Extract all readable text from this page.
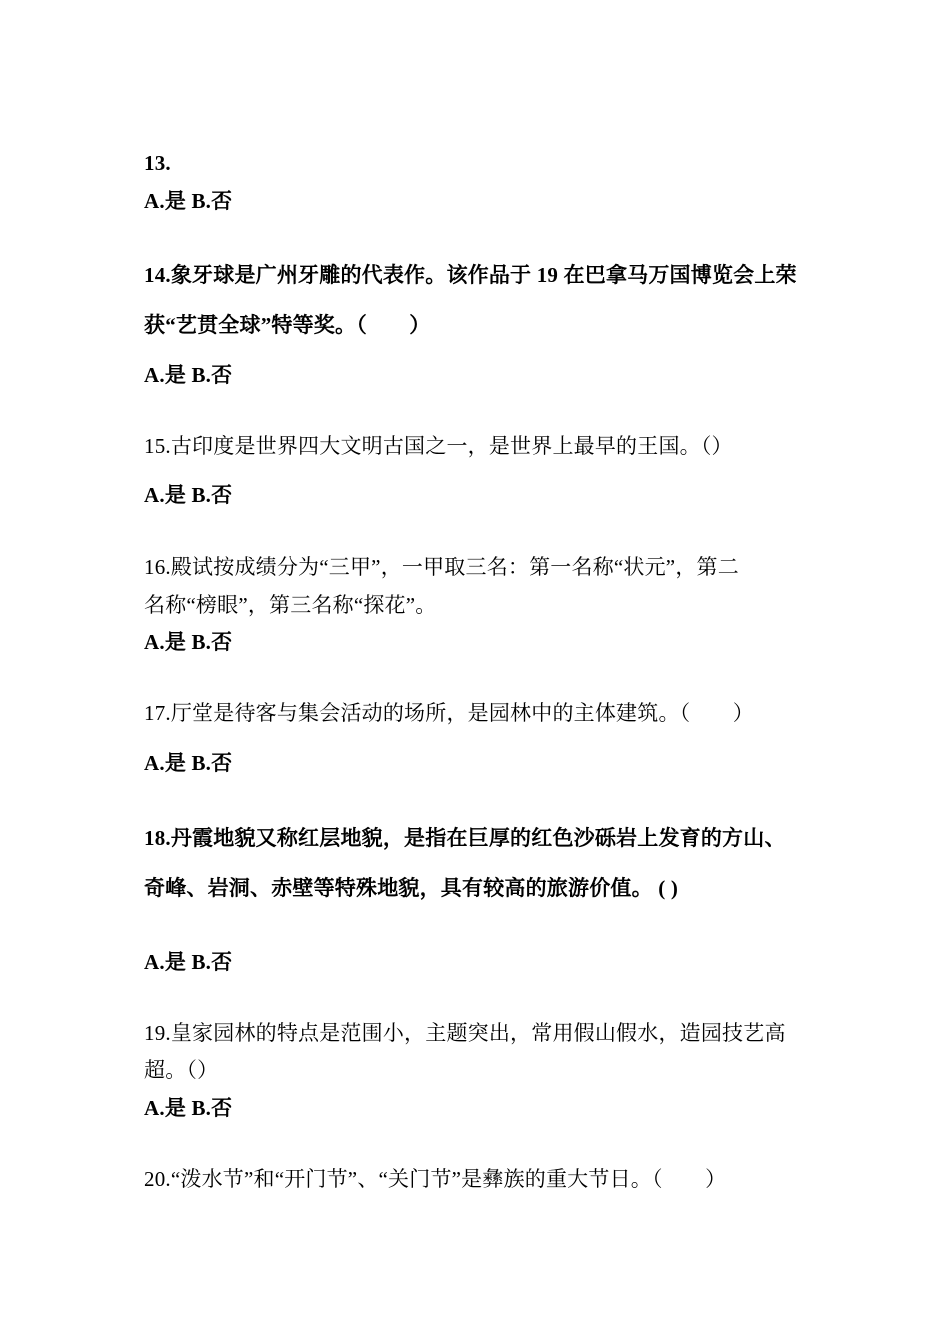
13.

A.是 B.否

14.象牙球是广州牙雕的代表作。该作品于 19 在巴拿马万国博览会上荣

获“艺贯全球”特等奖。（　　）

A.是 B.否

15.古印度是世界四大文明古国之一，是世界上最早的王国。（）

A.是 B.否

16.殿试按成绩分为“三甲”，一甲取三名：第一名称“状元”，第二

名称“榜眼”，第三名称“探花”。

A.是 B.否

17.厅堂是待客与集会活动的场所，是园林中的主体建筑。（　　）

A.是 B.否

18.丹霞地貌又称红层地貌，是指在巨厚的红色沙砾岩上发育的方山、

奇峰、岩洞、赤壁等特殊地貌，具有较高的旅游价值。 ( )

A.是 B.否

19.皇家园林的特点是范围小，主题突出，常用假山假水，造园技艺高

超。（）

A.是 B.否

20.“泼水节”和“开门节”、“关门节”是彝族的重大节日。（　　）
